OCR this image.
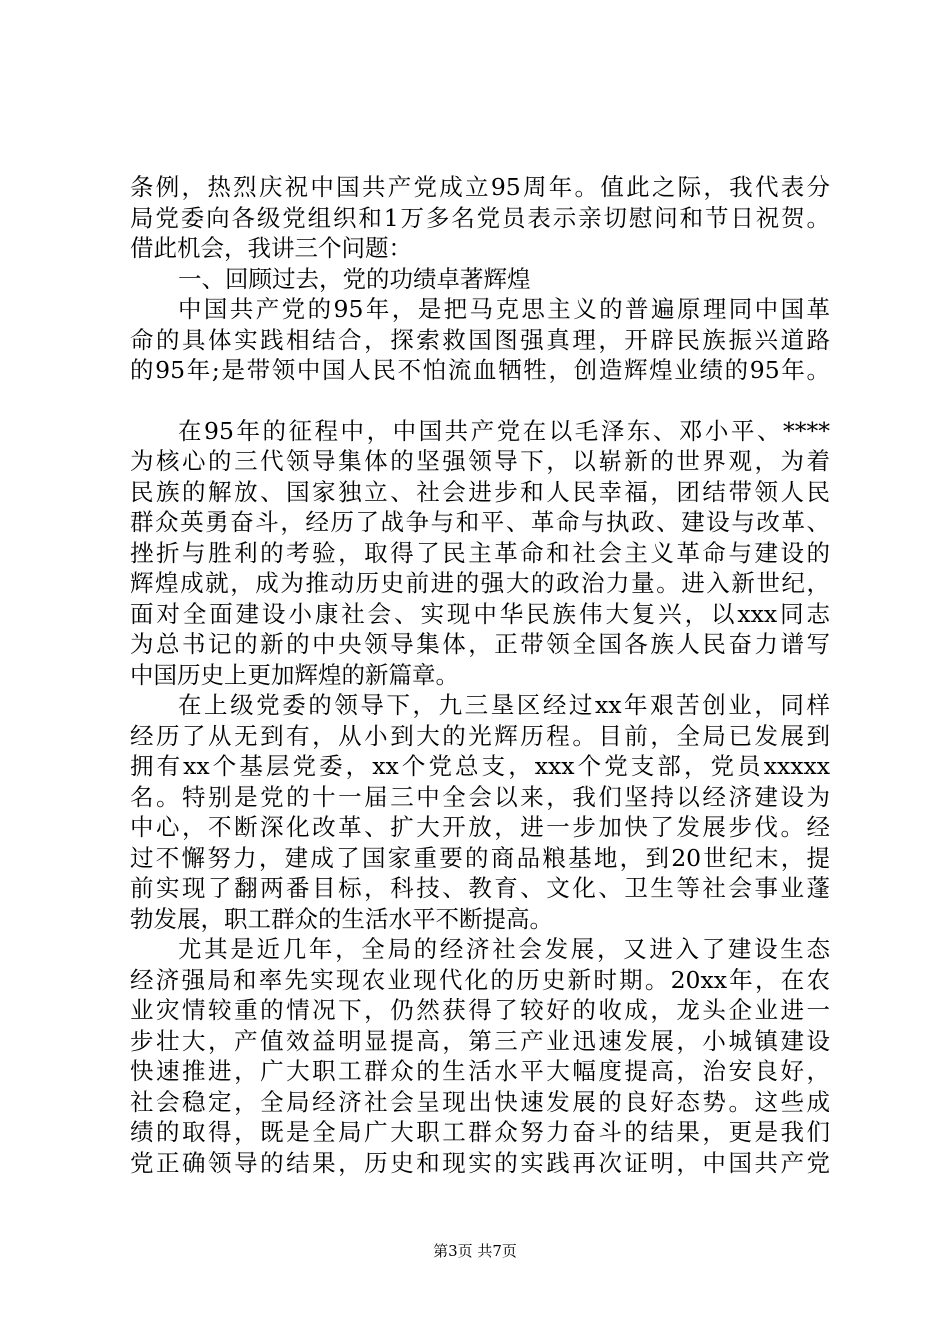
条例，热烈庆祝中国共产党成立95周年。值此之际，我代表分
局党委向各级党组织和1万多名党员表示亲切慰问和节日祝贺。
借此机会，我讲三个问题：
一、回顾过去，党的功绩卓著辉煌
中国共产党的95年，是把马克思主义的普遍原理同中国革
命的具体实践相结合，探索救国图强真理，开辟民族振兴道路
的95年;是带领中国人民不怕流血牺牲，创造辉煌业绩的95年。
在95年的征程中，中国共产党在以毛泽东、邓小平、****
为核心的三代领导集体的坚强领导下，以崭新的世界观，为着
民族的解放、国家独立、社会进步和人民幸福，团结带领人民
群众英勇奋斗，经历了战争与和平、革命与执政、建设与改革、
挫折与胜利的考验，取得了民主革命和社会主义革命与建设的
辉煌成就，成为推动历史前进的强大的政治力量。进入新世纪，
面对全面建设小康社会、实现中华民族伟大复兴，以xxx同志
为总书记的新的中央领导集体，正带领全国各族人民奋力谱写
中国历史上更加辉煌的新篇章。
在上级党委的领导下，九三垦区经过xx年艰苦创业，同样
经历了从无到有，从小到大的光辉历程。目前，全局已发展到
拥有xx个基层党委，xx个党总支，xxx个党支部，党员xxxxx
名。特别是党的十一届三中全会以来，我们坚持以经济建设为
中心，不断深化改革、扩大开放，进一步加快了发展步伐。经
过不懈努力，建成了国家重要的商品粮基地，到20世纪末，提
前实现了翻两番目标，科技、教育、文化、卫生等社会事业蓬
勃发展，职工群众的生活水平不断提高。
尤其是近几年，全局的经济社会发展，又进入了建设生态
经济强局和率先实现农业现代化的历史新时期。20xx年，在农
业灾情较重的情况下，仍然获得了较好的收成，龙头企业进一
步壮大，产值效益明显提高，第三产业迅速发展，小城镇建设
快速推进，广大职工群众的生活水平大幅度提高，治安良好，
社会稳定，全局经济社会呈现出快速发展的良好态势。这些成
绩的取得，既是全局广大职工群众努力奋斗的结果，更是我们
党正确领导的结果，历史和现实的实践再次证明，中国共产党
第3页 共7页
